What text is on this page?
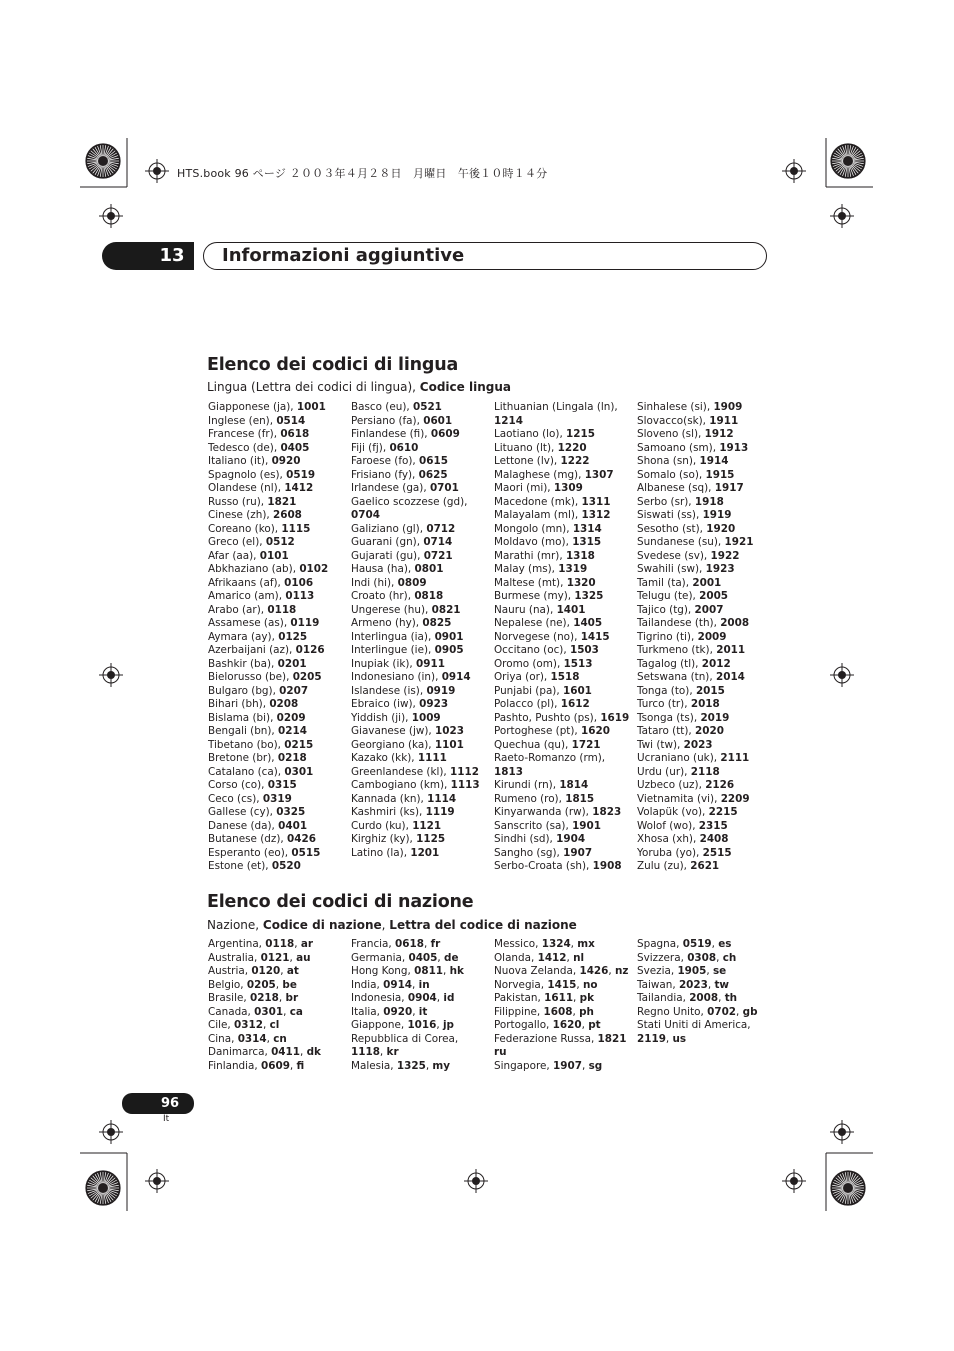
HTS.book 96 ページ ２００３年４月２８日　月曜日　午後１０時１４分
13	Informazioni aggiuntive
Elenco dei codici di lingua
Lingua (Lettra dei codici di lingua), Codice lingua
Giapponese (ja), 1001
Inglese (en), 0514
Francese (fr), 0618
Tedesco (de), 0405
Italiano (it), 0920
Spagnolo (es), 0519
Olandese (nl), 1412
Russo (ru), 1821
Cinese (zh), 2608
Coreano (ko), 1115
Greco (el), 0512
Afar (aa), 0101
Abkhaziano (ab), 0102
Afrikaans (af), 0106
Amarico (am), 0113
Arabo (ar), 0118
Assamese (as), 0119
Aymara (ay), 0125
Azerbaijani (az), 0126
Bashkir (ba), 0201
Bielorusso (be), 0205
Bulgaro (bg), 0207
Bihari (bh), 0208
Bislama (bi), 0209
Bengali (bn), 0214
Tibetano (bo), 0215
Bretone (br), 0218
Catalano (ca), 0301
Corso (co), 0315
Ceco (cs), 0319
Gallese (cy), 0325
Danese (da), 0401
Butanese (dz), 0426
Esperanto (eo), 0515
Estone (et), 0520
Basco (eu), 0521
Persiano (fa), 0601
Finlandese (fi), 0609
Fiji (fj), 0610
Faroese (fo), 0615
Frisiano (fy), 0625
Irlandese (ga), 0701
Gaelico scozzese (gd),
0704
Galiziano (gl), 0712
Guarani (gn), 0714
Gujarati (gu), 0721
Hausa (ha), 0801
Indi (hi), 0809
Croato (hr), 0818
Ungerese (hu), 0821
Armeno (hy), 0825
Interlingua (ia), 0901
Interlingue (ie), 0905
Inupiak (ik), 0911
Indonesiano (in), 0914
Islandese (is), 0919
Ebraico (iw), 0923
Yiddish (ji), 1009
Giavanese (jw), 1023
Georgiano (ka), 1101
Kazako (kk), 1111
Greenlandese (kl), 1112
Cambogiano (km), 1113
Kannada (kn), 1114
Kashmiri (ks), 1119
Curdo (ku), 1121
Kirghiz (ky), 1125
Latino (la), 1201
Lithuanian (Lingala (ln),
1214
Laotiano (lo), 1215
Lituano (lt), 1220
Lettone (lv), 1222
Malaghese (mg), 1307
Maori (mi), 1309
Macedone (mk), 1311
Malayalam (ml), 1312
Mongolo (mn), 1314
Moldavo (mo), 1315
Marathi (mr), 1318
Malay (ms), 1319
Maltese (mt), 1320
Burmese (my), 1325
Nauru (na), 1401
Nepalese (ne), 1405
Norvegese (no), 1415
Occitano (oc), 1503
Oromo (om), 1513
Oriya (or), 1518
Punjabi (pa), 1601
Polacco (pl), 1612
Pashto, Pushto (ps), 1619
Portoghese (pt), 1620
Quechua (qu), 1721
Raeto-Romanzo (rm),
1813
Kirundi (rn), 1814
Rumeno (ro), 1815
Kinyarwanda (rw), 1823
Sanscrito (sa), 1901
Sindhi (sd), 1904
Sangho (sg), 1907
Serbo-Croata (sh), 1908
Sinhalese (si), 1909
Slovacco(sk), 1911
Sloveno (sl), 1912
Samoano (sm), 1913
Shona (sn), 1914
Somalo (so), 1915
Albanese (sq), 1917
Serbo (sr), 1918
Siswati (ss), 1919
Sesotho (st), 1920
Sundanese (su), 1921
Svedese (sv), 1922
Swahili (sw), 1923
Tamil (ta), 2001
Telugu (te), 2005
Tajico (tg), 2007
Tailandese (th), 2008
Tigrino (ti), 2009
Turkmeno (tk), 2011
Tagalog (tl), 2012
Setswana (tn), 2014
Tonga (to), 2015
Turco (tr), 2018
Tsonga (ts), 2019
Tataro (tt), 2020
Twi (tw), 2023
Ucraniano (uk), 2111
Urdu (ur), 2118
Uzbeco (uz), 2126
Vietnamita (vi), 2209
Volapük (vo), 2215
Wolof (wo), 2315
Xhosa (xh), 2408
Yoruba (yo), 2515
Zulu (zu), 2621
Elenco dei codici di nazione
Nazione, Codice di nazione, Lettra del codice di nazione
Argentina, 0118, ar
Australia, 0121, au
Austria, 0120, at
Belgio, 0205, be
Brasile, 0218, br
Canada, 0301, ca
Cile, 0312, cl
Cina, 0314, cn
Danimarca, 0411, dk
Finlandia, 0609, fi
Francia, 0618, fr
Germania, 0405, de
Hong Kong, 0811, hk
India, 0914, in
Indonesia, 0904, id
Italia, 0920, it
Giappone, 1016, jp
Repubblica di Corea,
1118, kr
Malesia, 1325, my
Messico, 1324, mx
Olanda, 1412, nl
Nuova Zelanda, 1426, nz
Norvegia, 1415, no
Pakistan, 1611, pk
Filippine, 1608, ph
Portogallo, 1620, pt
Federazione Russa, 1821
ru
Singapore, 1907, sg
Spagna, 0519, es
Svizzera, 0308, ch
Svezia, 1905, se
Taiwan, 2023, tw
Tailandia, 2008, th
Regno Unito, 0702, gb
Stati Uniti di America,
2119, us
96
It
